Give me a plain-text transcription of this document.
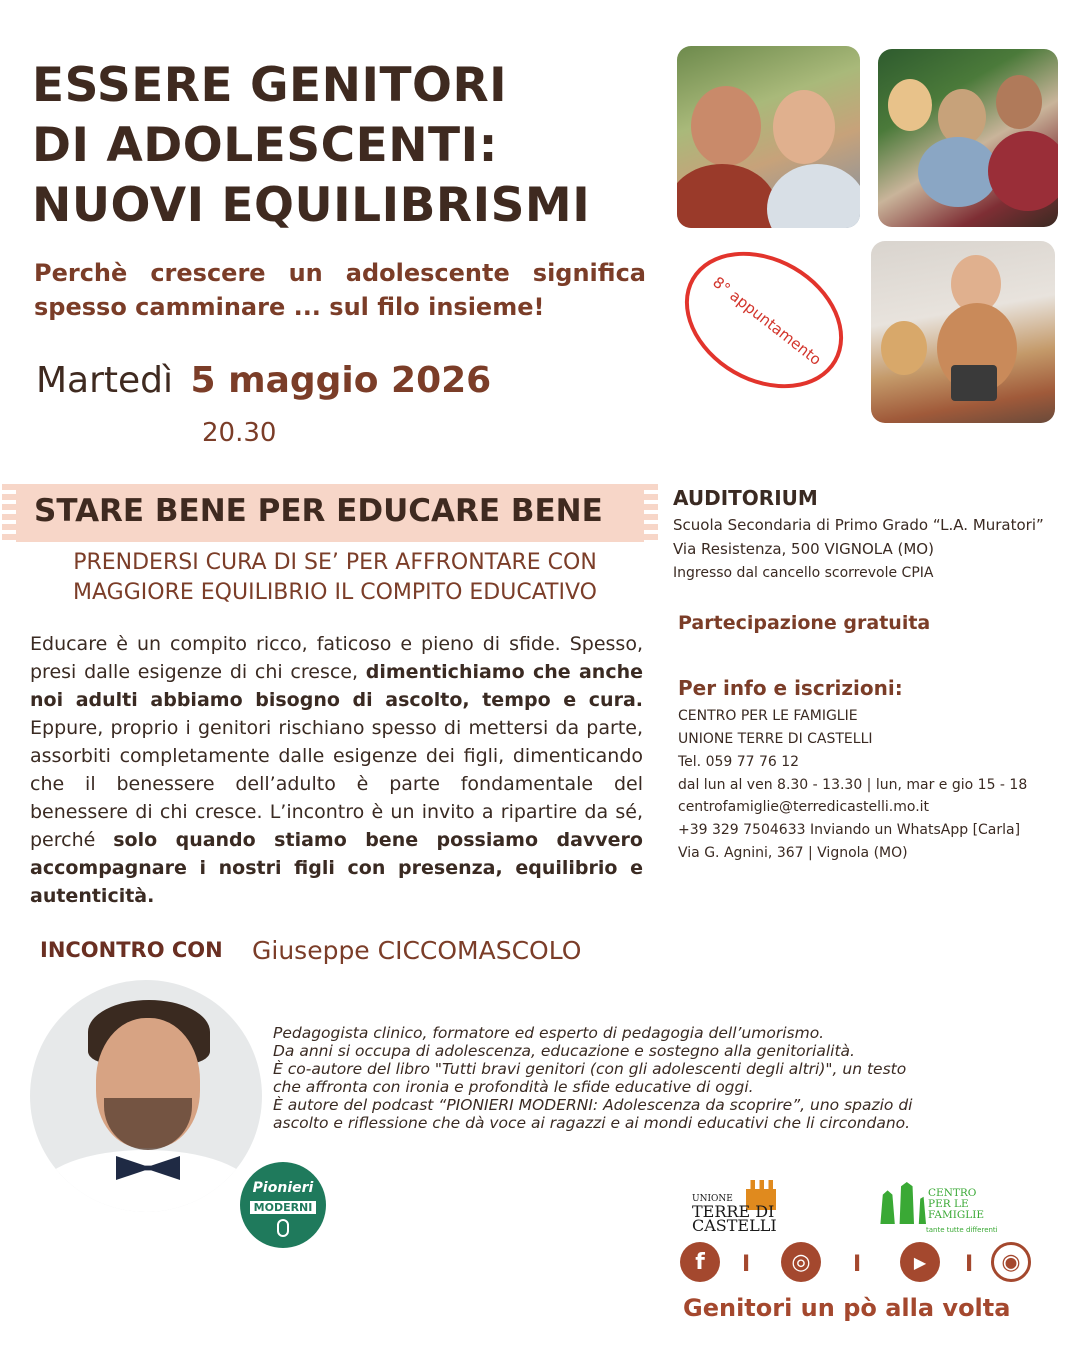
ESSERE GENITORI
DI ADOLESCENTI:
NUOVI EQUILIBRISMI
Perchè crescere un adolescente significa spesso camminare ... sul filo insieme!
Martedì 5 maggio 2026
20.30
8° appuntamento
STARE BENE PER EDUCARE BENE
PRENDERSI CURA DI SE’ PER AFFRONTARE CON
MAGGIORE EQUILIBRIO IL COMPITO EDUCATIVO
Educare è un compito ricco, faticoso e pieno di sfide. Spesso, presi dalle esigenze di chi cresce, dimentichiamo che anche noi adulti abbiamo bisogno di ascolto, tempo e cura. Eppure, proprio i genitori rischiano spesso di mettersi da parte, assorbiti completamente dalle esigenze dei figli, dimenticando che il benessere dell’adulto è parte fondamentale del benessere di chi cresce. L’incontro è un invito a ripartire da sé, perché solo quando stiamo bene possiamo davvero accompagnare i nostri figli con presenza, equilibrio e autenticità.
AUDITORIUM
Scuola Secondaria di Primo Grado “L.A. Muratori”
Via Resistenza, 500 VIGNOLA (MO)
Ingresso dal cancello scorrevole CPIA
Partecipazione gratuita
Per info e iscrizioni:
CENTRO PER LE FAMIGLIE
UNIONE TERRE DI CASTELLI
Tel. 059 77 76 12
dal lun al ven 8.30 - 13.30 | lun, mar e gio 15 - 18
centrofamiglie@terredicastelli.mo.it
+39 329 7504633 Inviando un WhatsApp [Carla]
Via G. Agnini, 367 | Vignola (MO)
INCONTRO CON Giuseppe CICCOMASCOLO
Pionieri
MODERNI
Pedagogista clinico, formatore ed esperto di pedagogia dell’umorismo.
Da anni si occupa di adolescenza, educazione e sostegno alla genitorialità.
È co-autore del libro "Tutti bravi genitori (con gli adolescenti degli altri)", un testo
che affronta con ironia e profondità le sfide educative di oggi.
È autore del podcast “PIONIERI MODERNI: Adolescenza da scoprire”, uno spazio di
ascolto e riflessione che dà voce ai ragazzi e ai mondi educativi che li circondano.
UNIONE
TERRE DI
CASTELLI
CENTRO
PER LE
FAMIGLIE
tante tutte differenti
f	I	◎	I	▶	I	◉
Genitori un pò alla volta
